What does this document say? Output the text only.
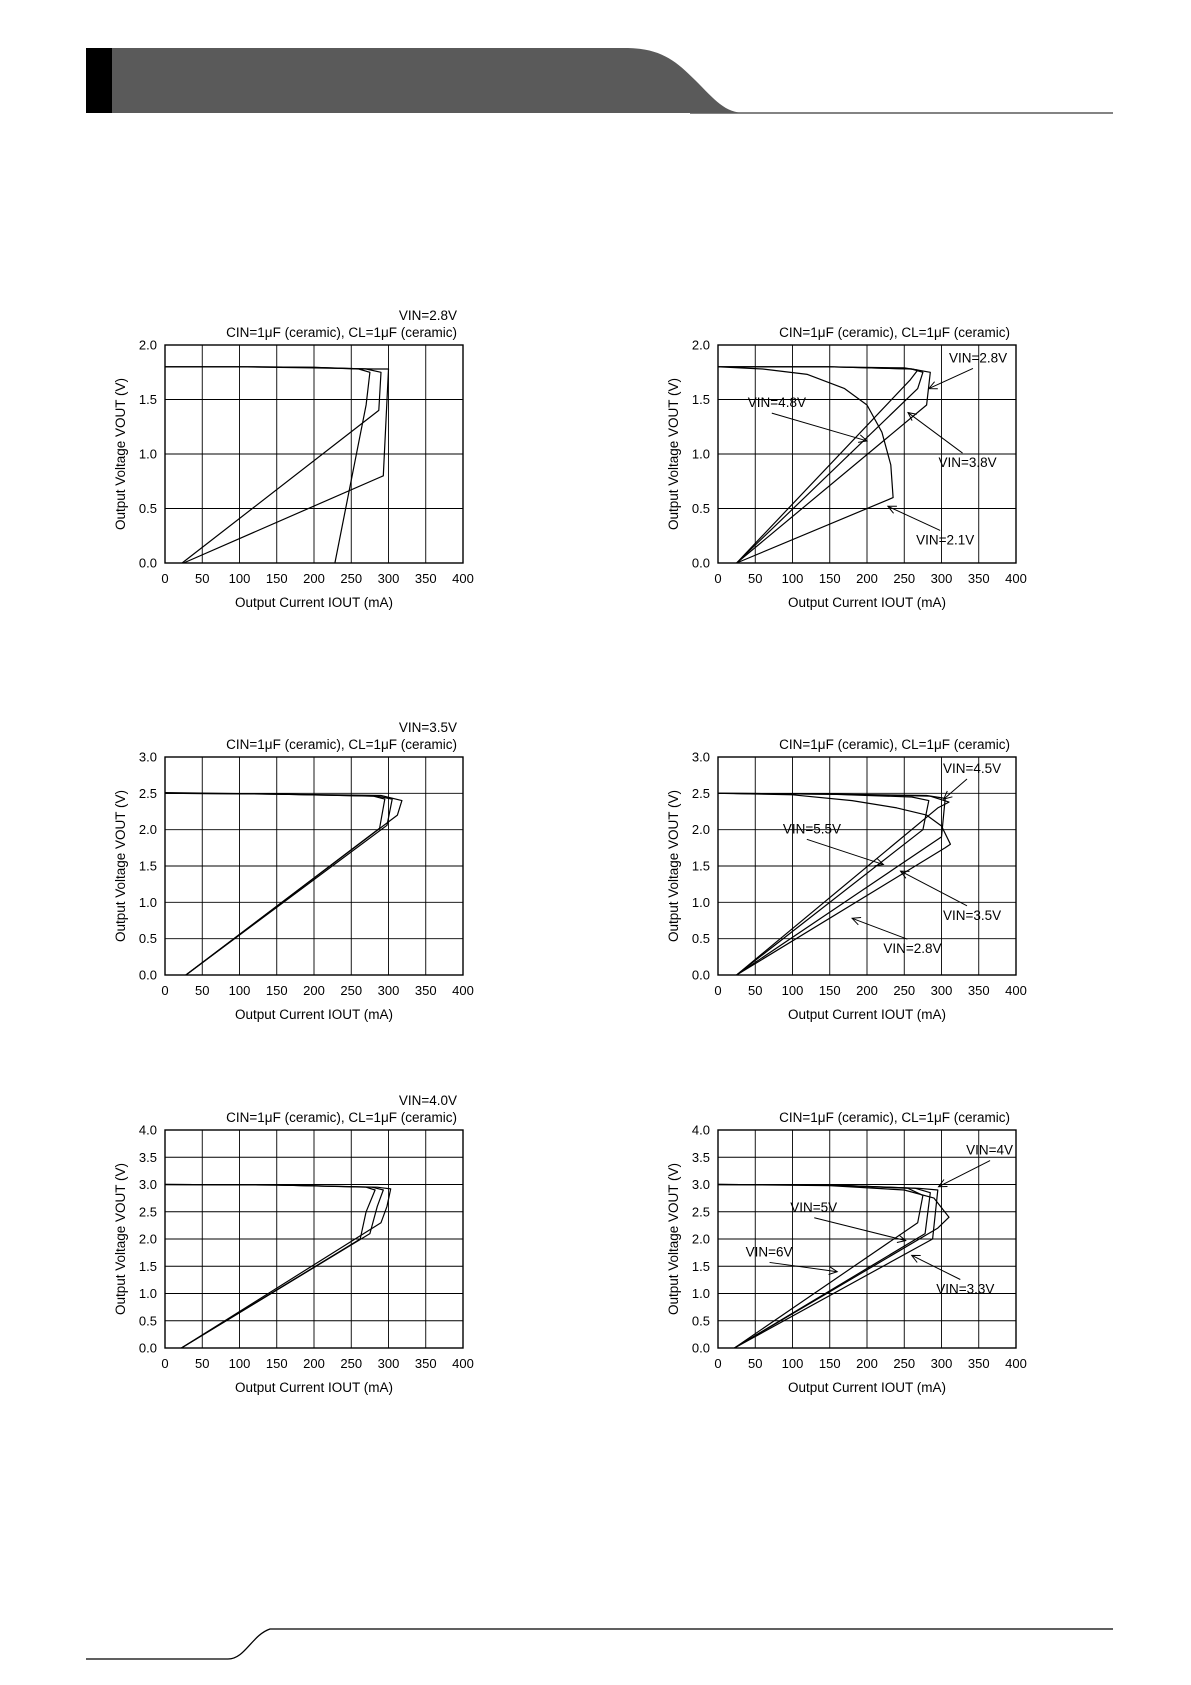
0 50 100 150 200 250 300 350 400
0.0
0.5
1.0
1.5
2.0
Output Current IOUT (mA)
Output Voltage VOUT (V)
CIN=1μF (ceramic), CL=1μF (ceramic)
VIN=2.8V
0 50 100 150 200 250 300 350 400
0.0
0.5
1.0
1.5
2.0
Output Current IOUT (mA)
Output Voltage VOUT (V)
CIN=1μF (ceramic), CL=1μF (ceramic)
VIN=2.8V
VIN=4.8V
VIN=3.8V
VIN=2.1V
0 50 100 150 200 250 300 350 400
0.0
0.5
1.0
1.5
2.0
2.5
3.0
Output Current IOUT (mA)
Output Voltage VOUT (V)
CIN=1μF (ceramic), CL=1μF (ceramic)
VIN=3.5V
0 50 100 150 200 250 300 350 400
0.0
0.5
1.0
1.5
2.0
2.5
3.0
Output Current IOUT (mA)
Output Voltage VOUT (V)
CIN=1μF (ceramic), CL=1μF (ceramic)
VIN=4.5V
VIN=5.5V
VIN=3.5V
VIN=2.8V
0 50 100 150 200 250 300 350 400
0.0
0.5
1.0
1.5
2.0
2.5
3.0
3.5
4.0
Output Current IOUT (mA)
Output Voltage VOUT (V)
CIN=1μF (ceramic), CL=1μF (ceramic)
VIN=4.0V
0 50 100 150 200 250 300 350 400
0.0
0.5
1.0
1.5
2.0
2.5
3.0
3.5
4.0
Output Current IOUT (mA)
Output Voltage VOUT (V)
CIN=1μF (ceramic), CL=1μF (ceramic)
VIN=4V
VIN=5V
VIN=6V
VIN=3.3V
